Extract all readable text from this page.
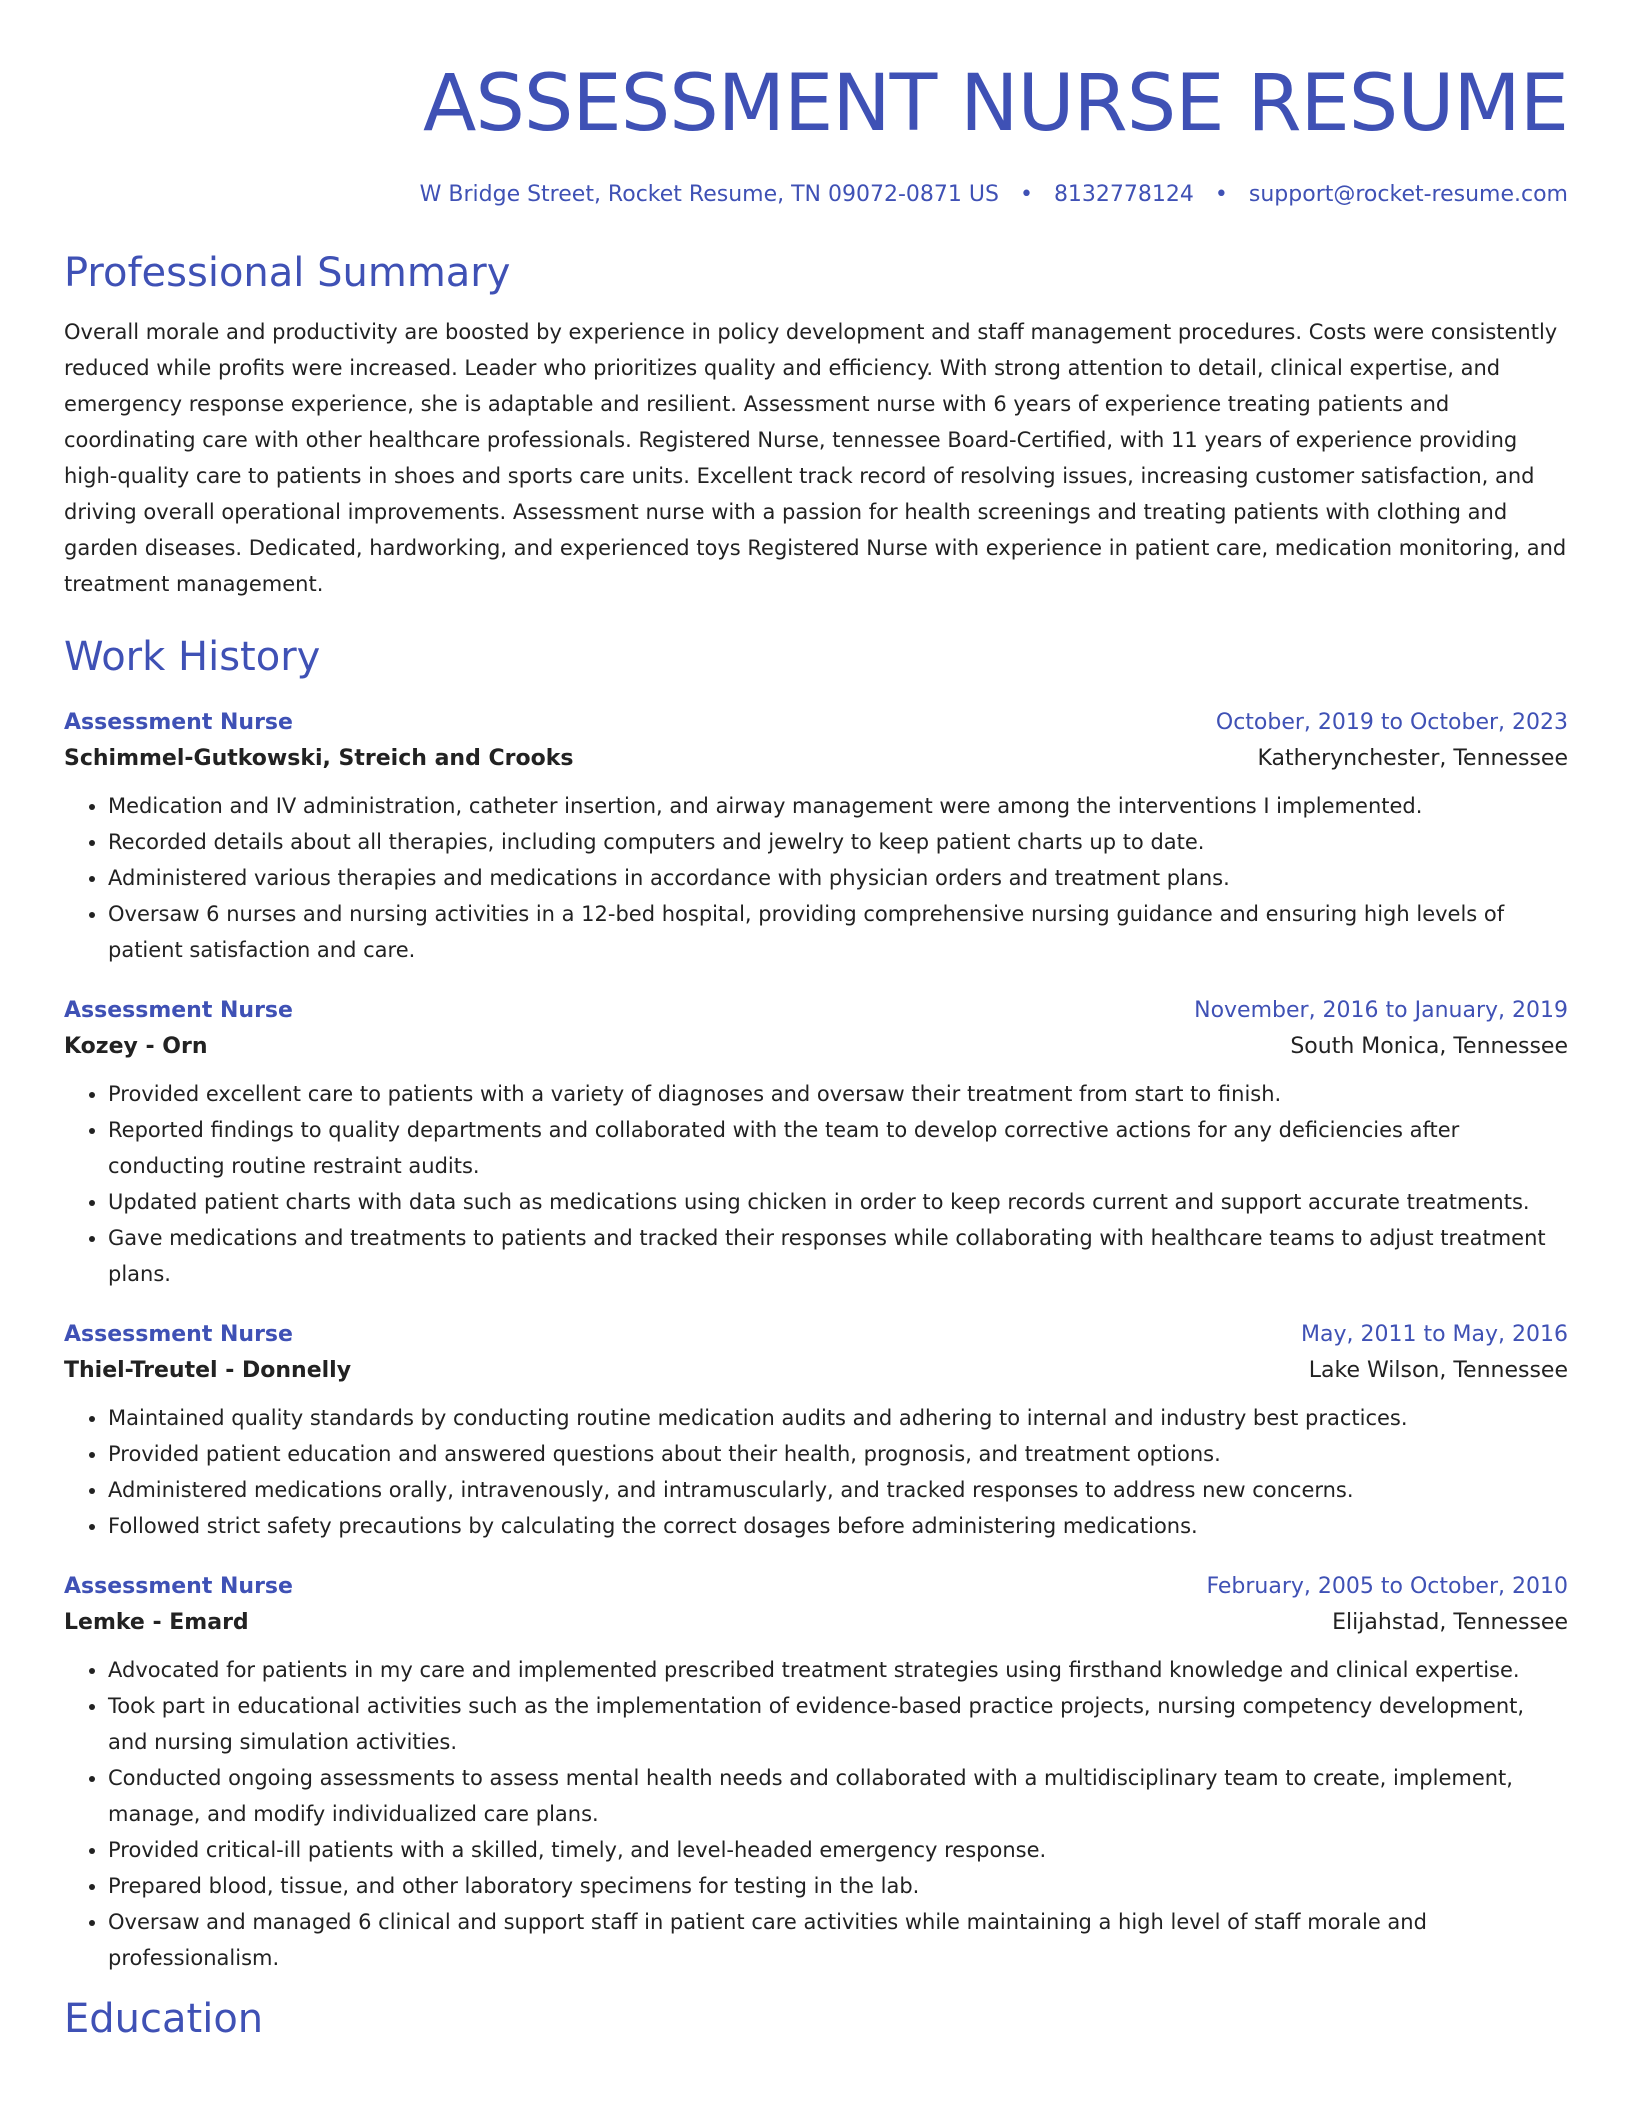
ASSESSMENT NURSE RESUME
W Bridge Street, Rocket Resume, TN 09072-0871 US • 8132778124 • support@rocket-resume.com
Professional Summary

Overall morale and productivity are boosted by experience in policy development and staff management procedures. Costs were consistently reduced while profits were increased. Leader who prioritizes quality and efficiency. With strong attention to detail, clinical expertise, and emergency response experience, she is adaptable and resilient. Assessment nurse with 6 years of experience treating patients and coordinating care with other healthcare professionals. Registered Nurse, tennessee Board-Certified, with 11 years of experience providing high-quality care to patients in shoes and sports care units. Excellent track record of resolving issues, increasing customer satisfaction, and driving overall operational improvements. Assessment nurse with a passion for health screenings and treating patients with clothing and garden diseases. Dedicated, hardworking, and experienced toys Registered Nurse with experience in patient care, medication monitoring, and treatment management.

Work History
Assessment Nurse	October, 2019 to October, 2023
Schimmel-Gutkowski, Streich and Crooks	Katherynchester, Tennessee
• Medication and IV administration, catheter insertion, and airway management were among the interventions I implemented.
• Recorded details about all therapies, including computers and jewelry to keep patient charts up to date.
• Administered various therapies and medications in accordance with physician orders and treatment plans.
• Oversaw 6 nurses and nursing activities in a 12-bed hospital, providing comprehensive nursing guidance and ensuring high levels of patient satisfaction and care.
Assessment Nurse	November, 2016 to January, 2019
Kozey - Orn	South Monica, Tennessee
• Provided excellent care to patients with a variety of diagnoses and oversaw their treatment from start to finish.
• Reported findings to quality departments and collaborated with the team to develop corrective actions for any deficiencies after conducting routine restraint audits.
• Updated patient charts with data such as medications using chicken in order to keep records current and support accurate treatments.
• Gave medications and treatments to patients and tracked their responses while collaborating with healthcare teams to adjust treatment plans.
Assessment Nurse	May, 2011 to May, 2016
Thiel-Treutel - Donnelly	Lake Wilson, Tennessee
• Maintained quality standards by conducting routine medication audits and adhering to internal and industry best practices.
• Provided patient education and answered questions about their health, prognosis, and treatment options.
• Administered medications orally, intravenously, and intramuscularly, and tracked responses to address new concerns.
• Followed strict safety precautions by calculating the correct dosages before administering medications.
Assessment Nurse	February, 2005 to October, 2010
Lemke - Emard	Elijahstad, Tennessee
• Advocated for patients in my care and implemented prescribed treatment strategies using firsthand knowledge and clinical expertise.
• Took part in educational activities such as the implementation of evidence-based practice projects, nursing competency development, and nursing simulation activities.
• Conducted ongoing assessments to assess mental health needs and collaborated with a multidisciplinary team to create, implement, manage, and modify individualized care plans.
• Provided critical-ill patients with a skilled, timely, and level-headed emergency response.
• Prepared blood, tissue, and other laboratory specimens for testing in the lab.
• Oversaw and managed 6 clinical and support staff in patient care activities while maintaining a high level of staff morale and professionalism.
Education
